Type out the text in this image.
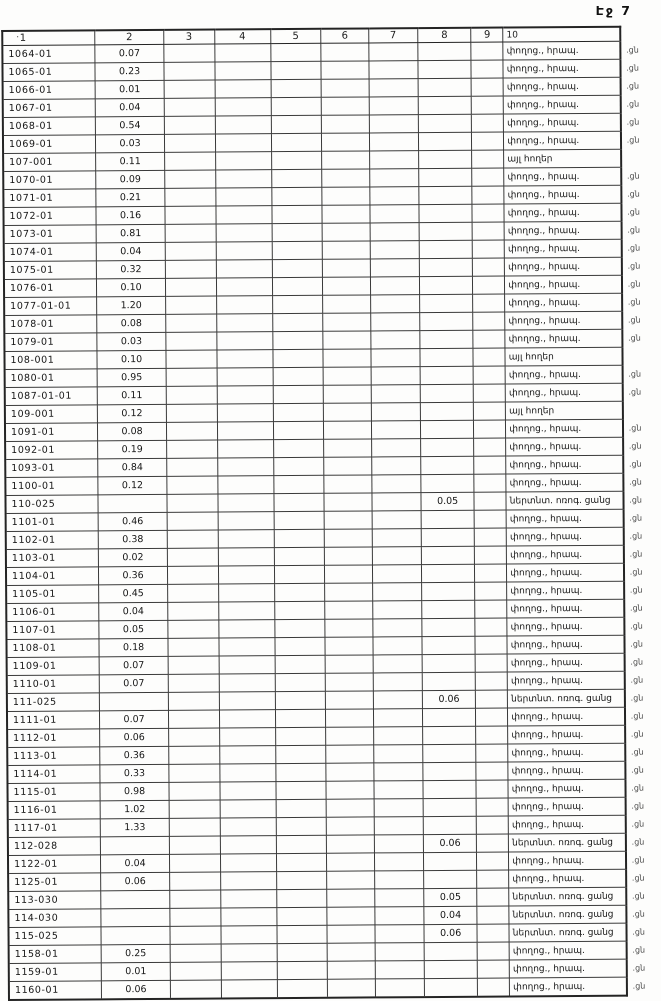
Էջ 7
· 1	2	3	4	5	6	7	8	9	10	
1064-01	0.07								փողոց., հրապ.	.ցն
1065-01	0.23								փողոց., հրապ.	.ցն
1066-01	0.01								փողոց., հրապ.	.ցն
1067-01	0.04								փողոց., հրապ.	.ցն
1068-01	0.54								փողոց., հրապ.	.ցն
1069-01	0.03								փողոց., հրապ.	.ցն
107-001	0.11								այլ հողեր	
1070-01	0.09								փողոց., հրապ.	.ցն
1071-01	0.21								փողոց., հրապ.	.ցն
1072-01	0.16								փողոց., հրապ.	.ցն
1073-01	0.81								փողոց., հրապ.	.ցն
1074-01	0.04								փողոց., հրապ.	.ցն
1075-01	0.32								փողոց., հրապ.	.ցն
1076-01	0.10								փողոց., հրապ.	.ցն
1077-01-01	1.20								փողոց., հրապ.	.ցն
1078-01	0.08								փողոց., հրապ.	.ցն
1079-01	0.03								փողոց., հրապ.	.ցն
108-001	0.10								այլ հողեր	
1080-01	0.95								փողոց., հրապ.	.ցն
1087-01-01	0.11								փողոց., հրապ.	.ցն
109-001	0.12								այլ հողեր	
1091-01	0.08								փողոց., հրապ.	.ցն
1092-01	0.19								փողոց., հրապ.	.ցն
1093-01	0.84								փողոց., հրապ.	.ցն
1100-01	0.12								փողոց., հրապ.	.ցն
110-025							0.05		ներտնտ. ոռոգ. ցանց	.ցն
1101-01	0.46								փողոց., հրապ.	.ցն
1102-01	0.38								փողոց., հրապ.	.ցն
1103-01	0.02								փողոց., հրապ.	.ցն
1104-01	0.36								փողոց., հրապ.	.ցն
1105-01	0.45								փողոց., հրապ.	.ցն
1106-01	0.04								փողոց., հրապ.	.ցն
1107-01	0.05								փողոց., հրապ.	.ցն
1108-01	0.18								փողոց., հրապ.	.ցն
1109-01	0.07								փողոց., հրապ.	.ցն
1110-01	0.07								փողոց., հրապ.	.ցն
111-025							0.06		ներտնտ. ոռոգ. ցանց	.ցն
1111-01	0.07								փողոց., հրապ.	.ցն
1112-01	0.06								փողոց., հրապ.	.ցն
1113-01	0.36								փողոց., հրապ.	.ցն
1114-01	0.33								փողոց., հրապ.	.ցն
1115-01	0.98								փողոց., հրապ.	.ցն
1116-01	1.02								փողոց., հրապ.	.ցն
1117-01	1.33								փողոց., հրապ.	.ցն
112-028							0.06		ներտնտ. ոռոգ. ցանց	.ցն
1122-01	0.04								փողոց., հրապ.	.ցն
1125-01	0.06								փողոց., հրապ.	.ցն
113-030							0.05		ներտնտ. ոռոգ. ցանց	.ցն
114-030							0.04		ներտնտ. ոռոգ. ցանց	.ցն
115-025							0.06		ներտնտ. ոռոգ. ցանց	.ցն
1158-01	0.25								փողոց., հրապ.	.ցն
1159-01	0.01								փողոց., հրապ.	.ցն
1160-01	0.06								փողոց., հրապ.	.ցն
